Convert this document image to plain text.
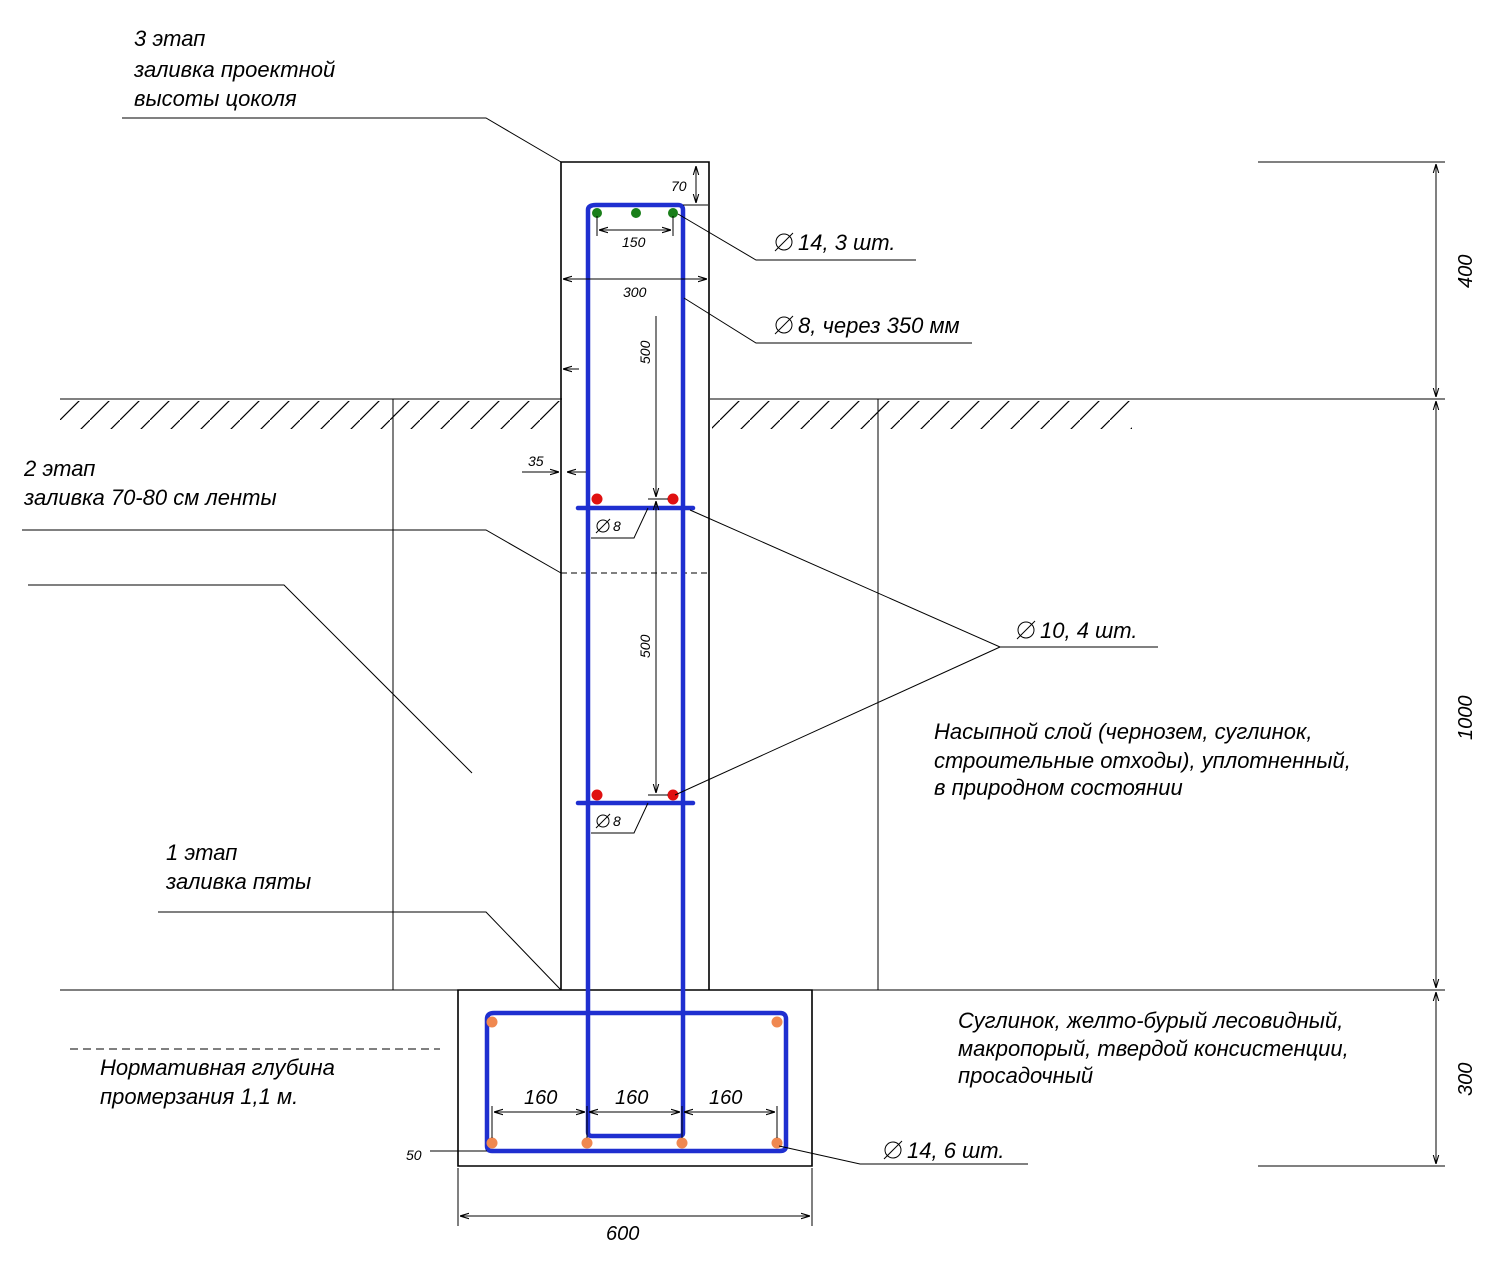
3 этап заливка проектной высоты цоколя
2 этап заливка 70-80 см ленты
1 этап заливка пяты
Нормативная глубина промерзания 1,1 м.
Насыпной слой (чернозем, суглинок, строительные отходы), уплотненный, в природном состоянии
Суглинок, желто-бурый лесовидный, макропорый, твердой консистенции, просадочный
14, 3 шт.
8, через 350 мм
10, 4 шт.
14, 6 шт.
8
8
70
150
300
500
500
35
160	160	160
50
600
400
1000
300
